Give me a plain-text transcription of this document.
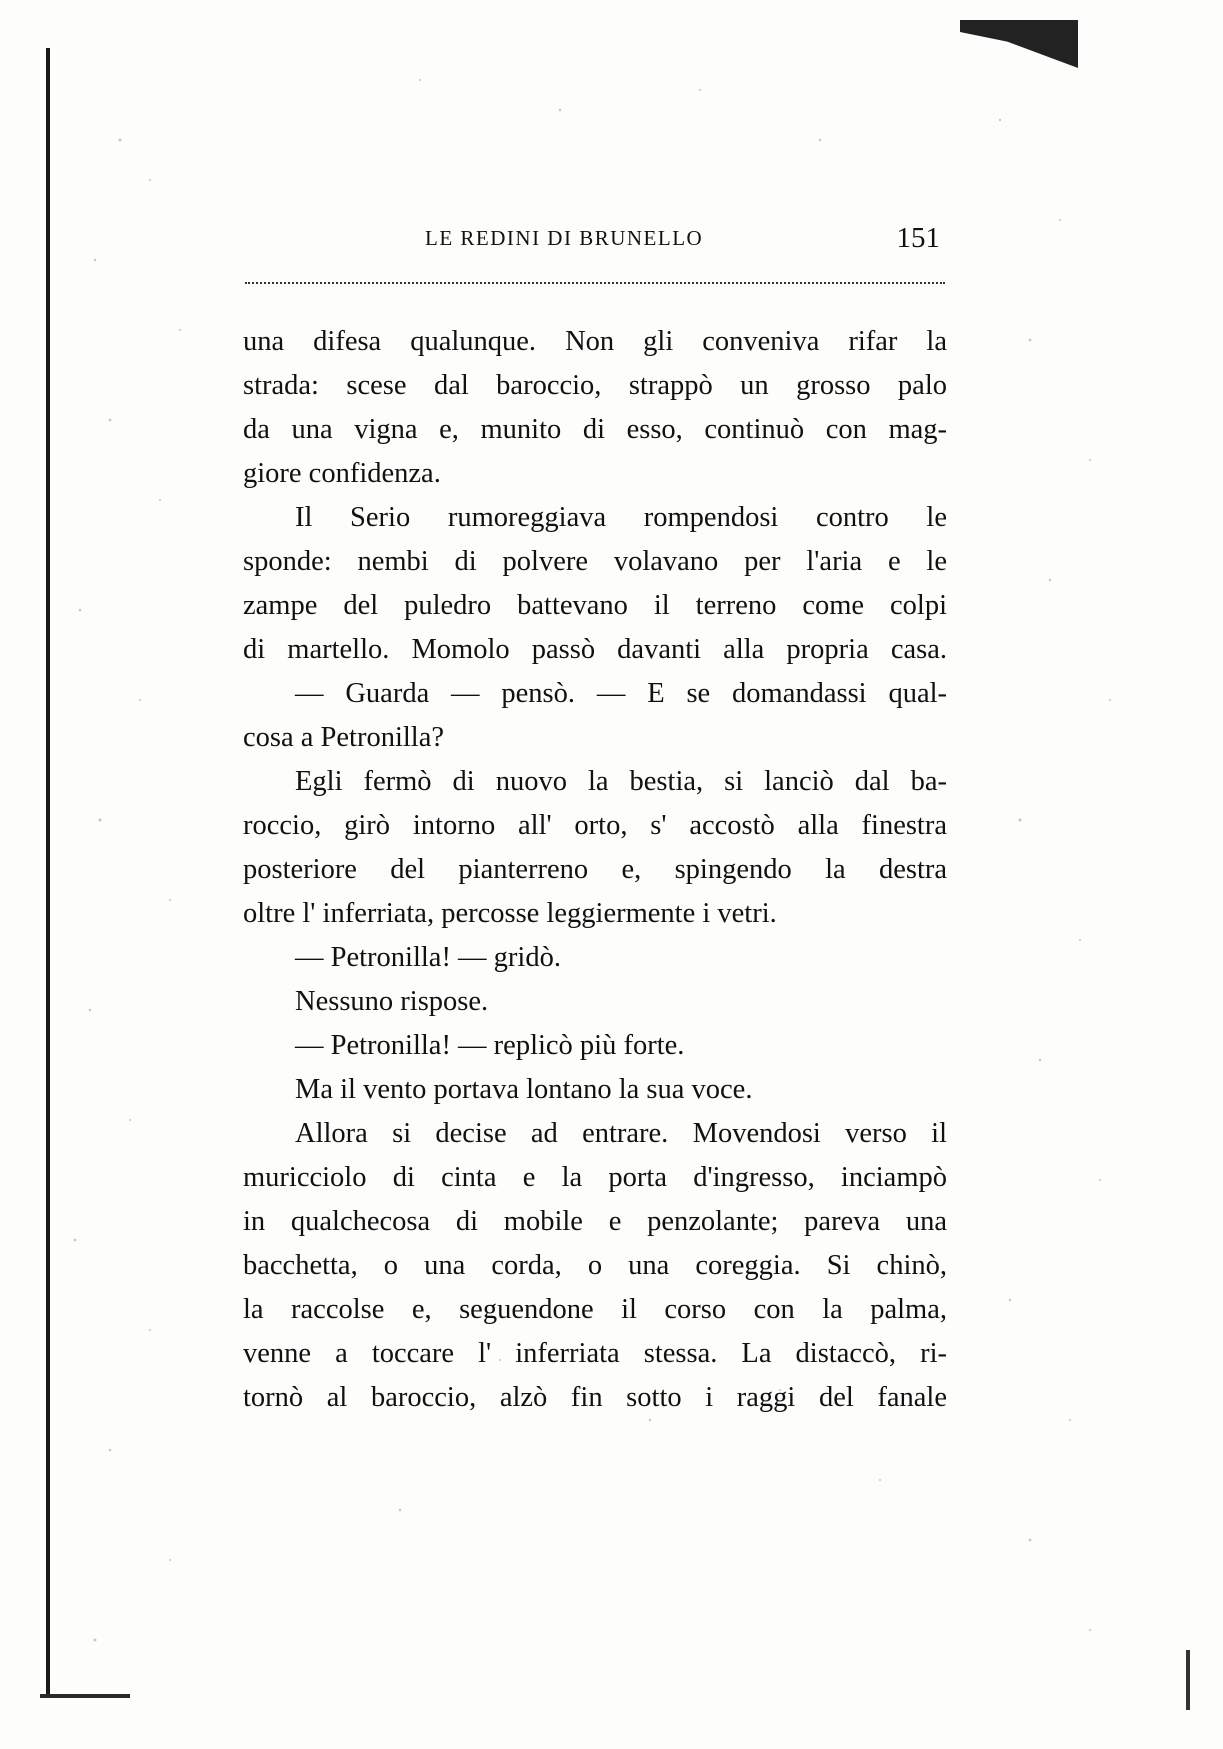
LE REDINI DI BRUNELLO	151
una difesa qualunque. Non gli conveniva rifar la
strada: scese dal baroccio, strappò un grosso palo
da una vigna e, munito di esso, continuò con mag-
giore confidenza.
Il Serio rumoreggiava rompendosi contro le
sponde: nembi di polvere volavano per l'aria e le
zampe del puledro battevano il terreno come colpi
di martello. Momolo passò davanti alla propria casa.
— Guarda — pensò. — E se domandassi qual-
cosa a Petronilla?
Egli fermò di nuovo la bestia, si lanciò dal ba-
roccio, girò intorno all' orto, s' accostò alla finestra
posteriore del pianterreno e, spingendo la destra
oltre l' inferriata, percosse leggiermente i vetri.
— Petronilla! — gridò.
Nessuno rispose.
— Petronilla! — replicò più forte.
Ma il vento portava lontano la sua voce.
Allora si decise ad entrare. Movendosi verso il
muricciolo di cinta e la porta d'ingresso, inciampò
in qualchecosa di mobile e penzolante; pareva una
bacchetta, o una corda, o una coreggia. Si chinò,
la raccolse e, seguendone il corso con la palma,
venne a toccare l' inferriata stessa. La distaccò, ri-
tornò al baroccio, alzò fin sotto i raggi del fanale
